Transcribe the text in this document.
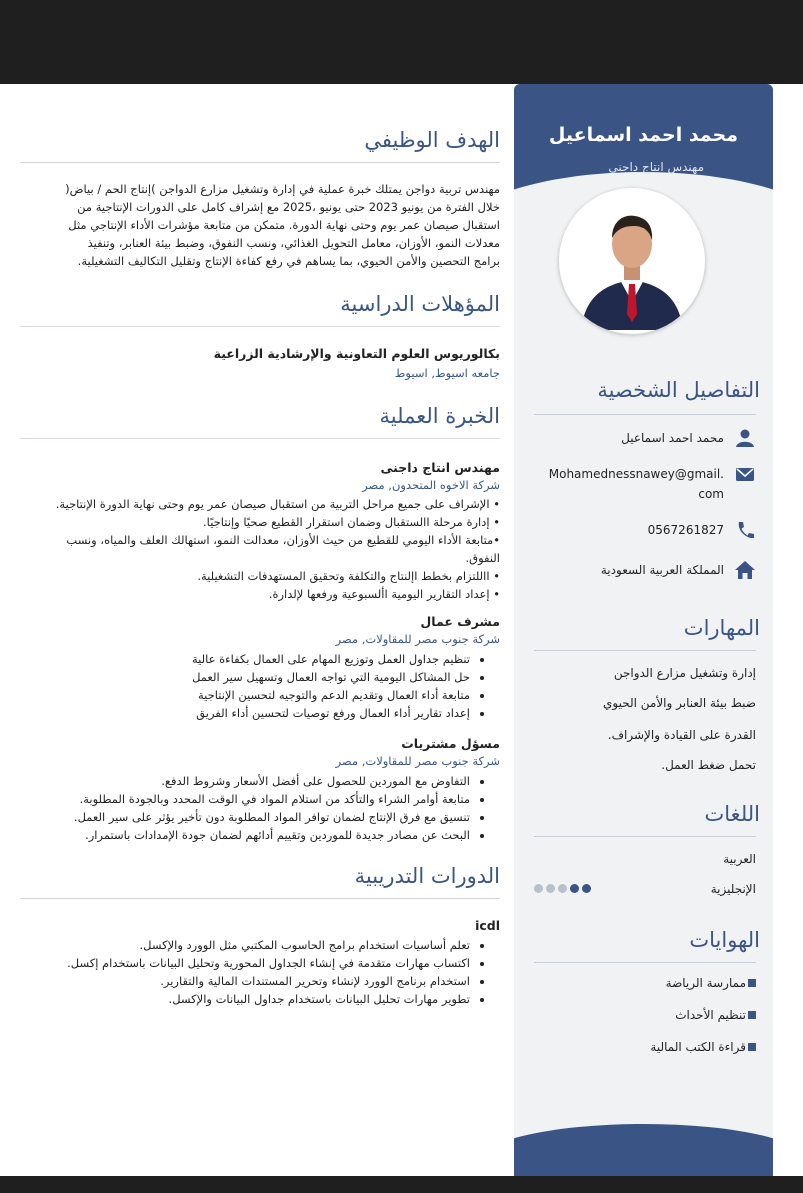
محمد احمد اسماعيل
مهندس انتاج داجنى
التفاصيل الشخصية
محمد احمد اسماعيل
Mohamednessnawey@gmail.
com
0567261827
المملكة العربية السعودية
المهارات
إدارة وتشغيل مزارع الدواجن
ضبط بيئة العنابر والأمن الحيوي
القدرة على القيادة والإشراف.
تحمل ضغط العمل.
اللغات
العربية
الإنجليزية
الهوايات
ممارسة الرياضة
تنظيم الأحداث
قراءة الكتب المالية
الهدف الوظيفي
مهندس تربية دواجن يمتلك خبرة عملية في إدارة وتشغيل مزارع الدواجن )إنتاج الحم / بياض(
خلال الفترة من يونيو 2023 حتى يونيو ،2025 مع إشراف كامل على الدورات الإنتاجية من
استقبال صيصان عمر يوم وحتى نهاية الدورة. متمكن من متابعة مؤشرات الأداء الإنتاجي مثل
معدلات النمو، الأوزان، معامل التحويل الغذائي، ونسب النفوق، وضبط بيئة العنابر، وتنفيذ
برامج التحصين والأمن الحيوي، بما يساهم في رفع كفاءة الإنتاج وتقليل التكاليف التشغيلية.
المؤهلات الدراسية
بكالوريوس العلوم التعاونية والإرشادية الزراعية
جامعه اسيوط, اسيوط
الخبرة العملية
مهندس انتاج داجنى
شركة الاخوه المتحدون, مصر
• الإشراف على جميع مراحل التربية من استقبال صيصان عمر يوم وحتى نهاية الدورة الإنتاجية.
• إدارة مرحلة االستقبال وضمان استقرار القطيع صحيًا وإنتاجيًا.
•متابعة الأداء اليومي للقطيع من حيث الأوزان، معدالت النمو، استهالك العلف والمياه، ونسب
النفوق.
• االلتزام بخطط اإلنتاج والتكلفة وتحقيق المستهدفات التشغيلية.
• إعداد التقارير اليومية األسبوعية ورفعها لإلدارة.
مشرف عمال
شركة جنوب مصر للمقاولات, مصر
• تنظيم جداول العمل وتوزيع المهام على العمال بكفاءة عالية
• حل المشاكل اليومية التي تواجه العمال وتسهيل سير العمل
• متابعة أداء العمال وتقديم الدعم والتوجيه لتحسين الإنتاجية
• إعداد تقارير أداء العمال ورفع توصيات لتحسين أداء الفريق
مسؤل مشتريات
شركة جنوب مصر للمقاولات, مصر
• التفاوض مع الموردين للحصول على أفضل الأسعار وشروط الدفع.
• متابعة أوامر الشراء والتأكد من استلام المواد في الوقت المحدد وبالجودة المطلوبة.
• تنسيق مع فرق الإنتاج لضمان توافر المواد المطلوبة دون تأخير يؤثر على سير العمل.
• البحث عن مصادر جديدة للموردين وتقييم أدائهم لضمان جودة الإمدادات باستمرار.
الدورات التدريبية
icdl
• تعلم أساسيات استخدام برامج الحاسوب المكتبي مثل الوورد والإكسل.
• اكتساب مهارات متقدمة في إنشاء الجداول المحورية وتحليل البيانات باستخدام إكسل.
• استخدام برنامج الوورد لإنشاء وتحرير المستندات المالية والتقارير.
• تطوير مهارات تحليل البيانات باستخدام جداول البيانات والإكسل.
